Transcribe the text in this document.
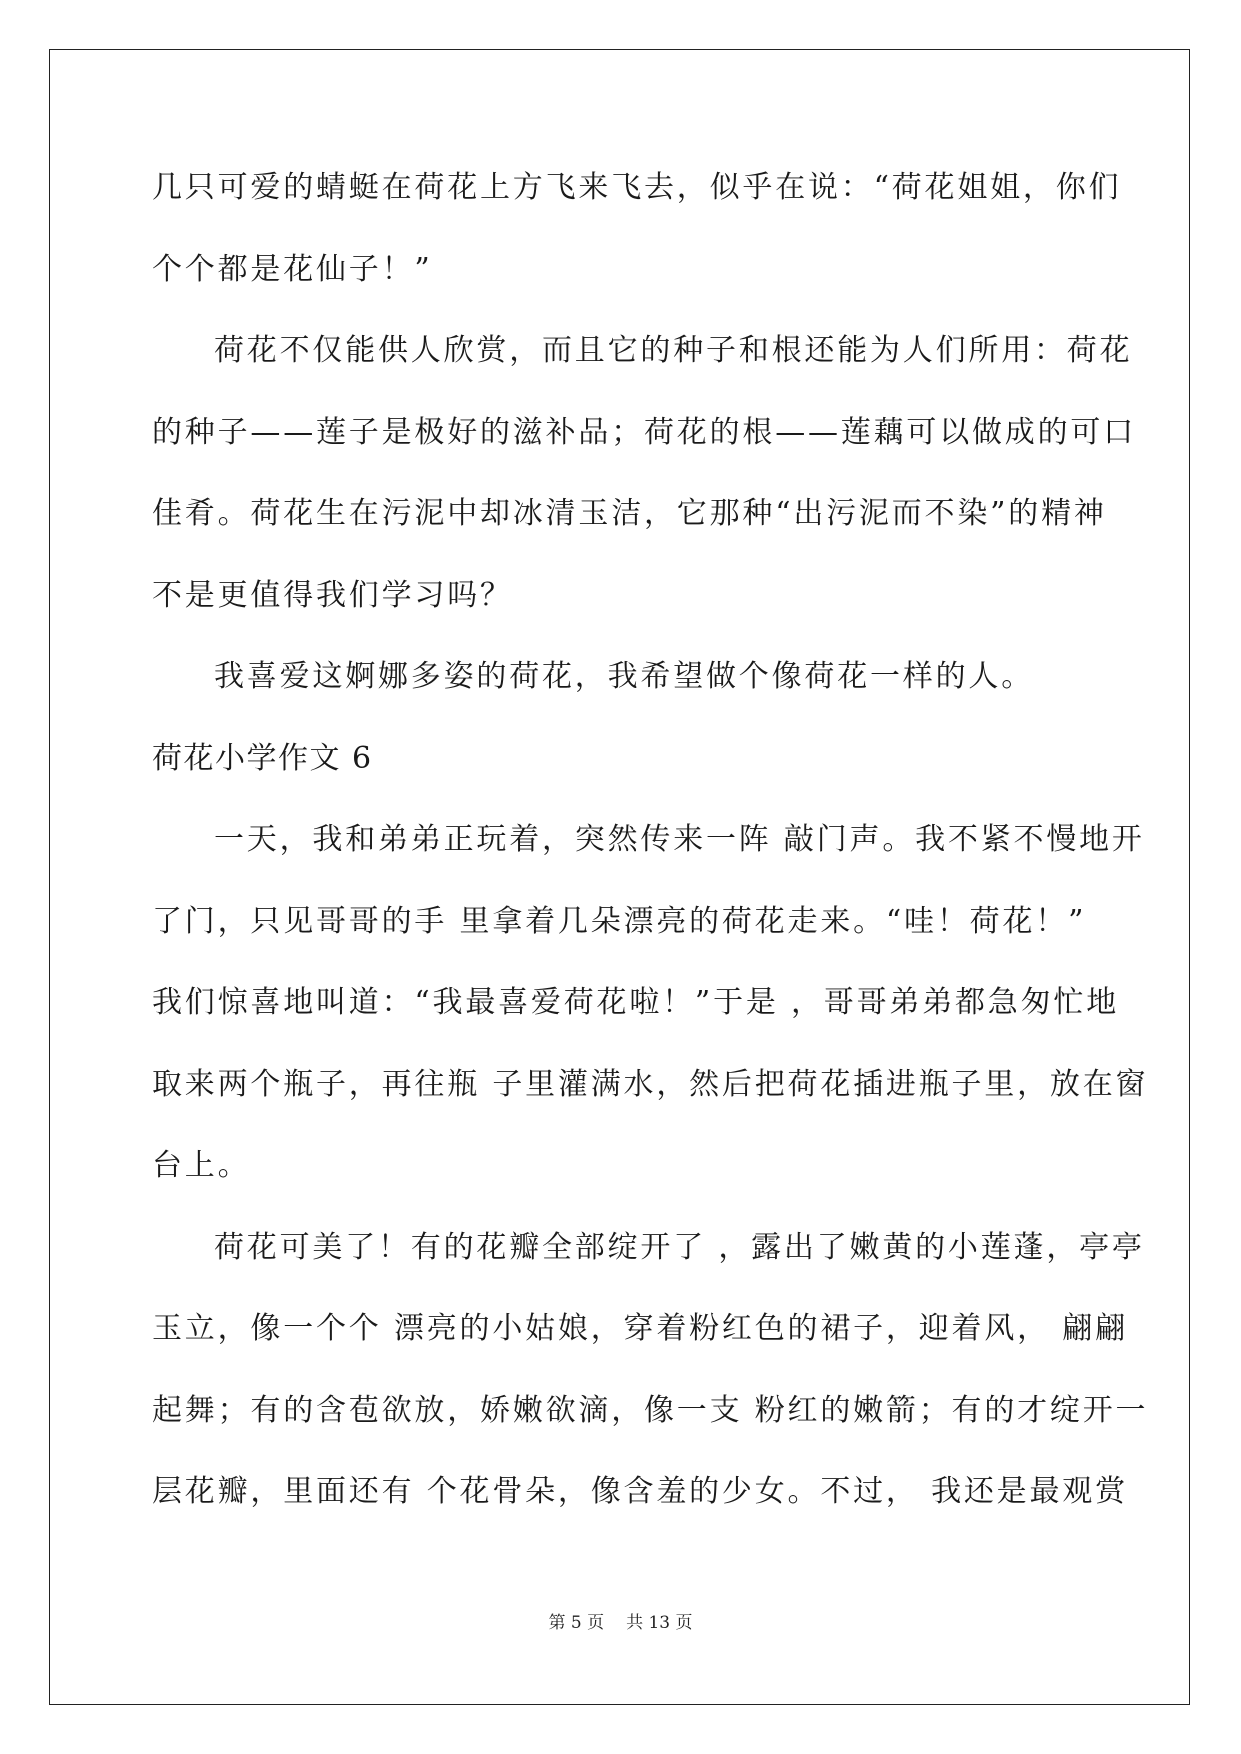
几只可爱的蜻蜓在荷花上方飞来飞去，似乎在说：“荷花姐姐，你们
个个都是花仙子！”
荷花不仅能供人欣赏，而且它的种子和根还能为人们所用：荷花
的种子——莲子是极好的滋补品；荷花的根——莲藕可以做成的可口
佳肴。荷花生在污泥中却冰清玉洁，它那种“出污泥而不染”的精神
不是更值得我们学习吗？
我喜爱这婀娜多姿的荷花，我希望做个像荷花一样的人。
荷花小学作文 6
一天，我和弟弟正玩着，突然传来一阵 敲门声。我不紧不慢地开
了门，只见哥哥的手 里拿着几朵漂亮的荷花走来。“哇！荷花！”
我们惊喜地叫道：“我最喜爱荷花啦！”于是 ，哥哥弟弟都急匆忙地
取来两个瓶子，再往瓶 子里灌满水，然后把荷花插进瓶子里，放在窗
台上。
荷花可美了！有的花瓣全部绽开了 ，露出了嫩黄的小莲蓬，亭亭
玉立，像一个个 漂亮的小姑娘，穿着粉红色的裙子，迎着风， 翩翩
起舞；有的含苞欲放，娇嫩欲滴，像一支 粉红的嫩箭；有的才绽开一
层花瓣，里面还有 个花骨朵，像含羞的少女。不过， 我还是最观赏
第 5 页 共 13 页
